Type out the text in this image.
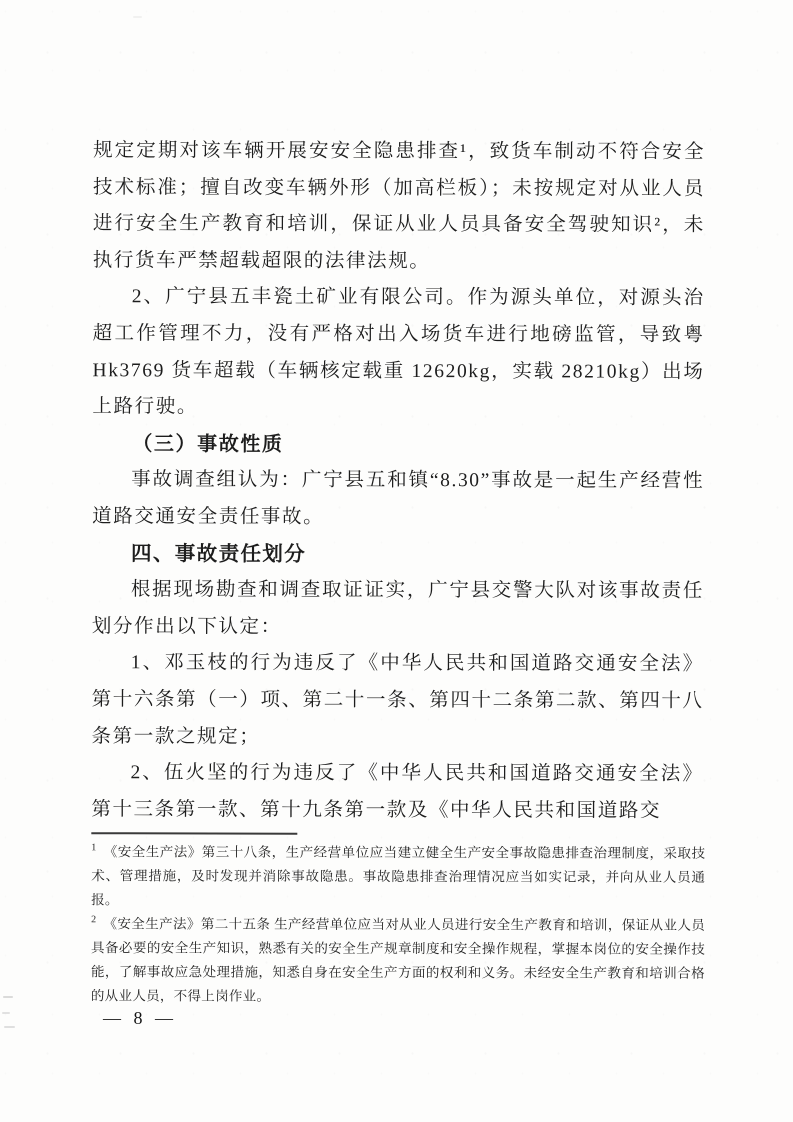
规定定期对该车辆开展安安全隐患排查¹，致货车制动不符合安全技术标准；擅自改变车辆外形（加高栏板）；未按规定对从业人员进行安全生产教育和培训，保证从业人员具备安全驾驶知识²，未执行货车严禁超载超限的法律法规。

2、广宁县五丰瓷土矿业有限公司。作为源头单位，对源头治超工作管理不力，没有严格对出入场货车进行地磅监管，导致粤 Hk3769 货车超载（车辆核定载重 12620kg，实载 28210kg）出场上路行驶。

（三）事故性质

事故调查组认为：广宁县五和镇“8.30”事故是一起生产经营性道路交通安全责任事故。

四、事故责任划分

根据现场勘查和调查取证证实，广宁县交警大队对该事故责任划分作出以下认定：

1、邓玉枝的行为违反了《中华人民共和国道路交通安全法》第十六条第（一）项、第二十一条、第四十二条第二款、第四十八条第一款之规定；

2、伍火坚的行为违反了《中华人民共和国道路交通安全法》第十三条第一款、第十九条第一款及《中华人民共和国道路交

$^1$ 《安全生产法》第三十八条，生产经营单位应当建立健全生产安全事故隐患排查治理制度，采取技术、管理措施，及时发现并消除事故隐患。事故隐患排查治理情况应当如实记录，并向从业人员通报。

$^2$ 《安全生产法》第二十五条 生产经营单位应当对从业人员进行安全生产教育和培训，保证从业人员具备必要的安全生产知识，熟悉有关的安全生产规章制度和安全操作规程，掌握本岗位的安全操作技能，了解事故应急处理措施，知悉自身在安全生产方面的权利和义务。未经安全生产教育和培训合格的从业人员，不得上岗作业。

— 8 —
